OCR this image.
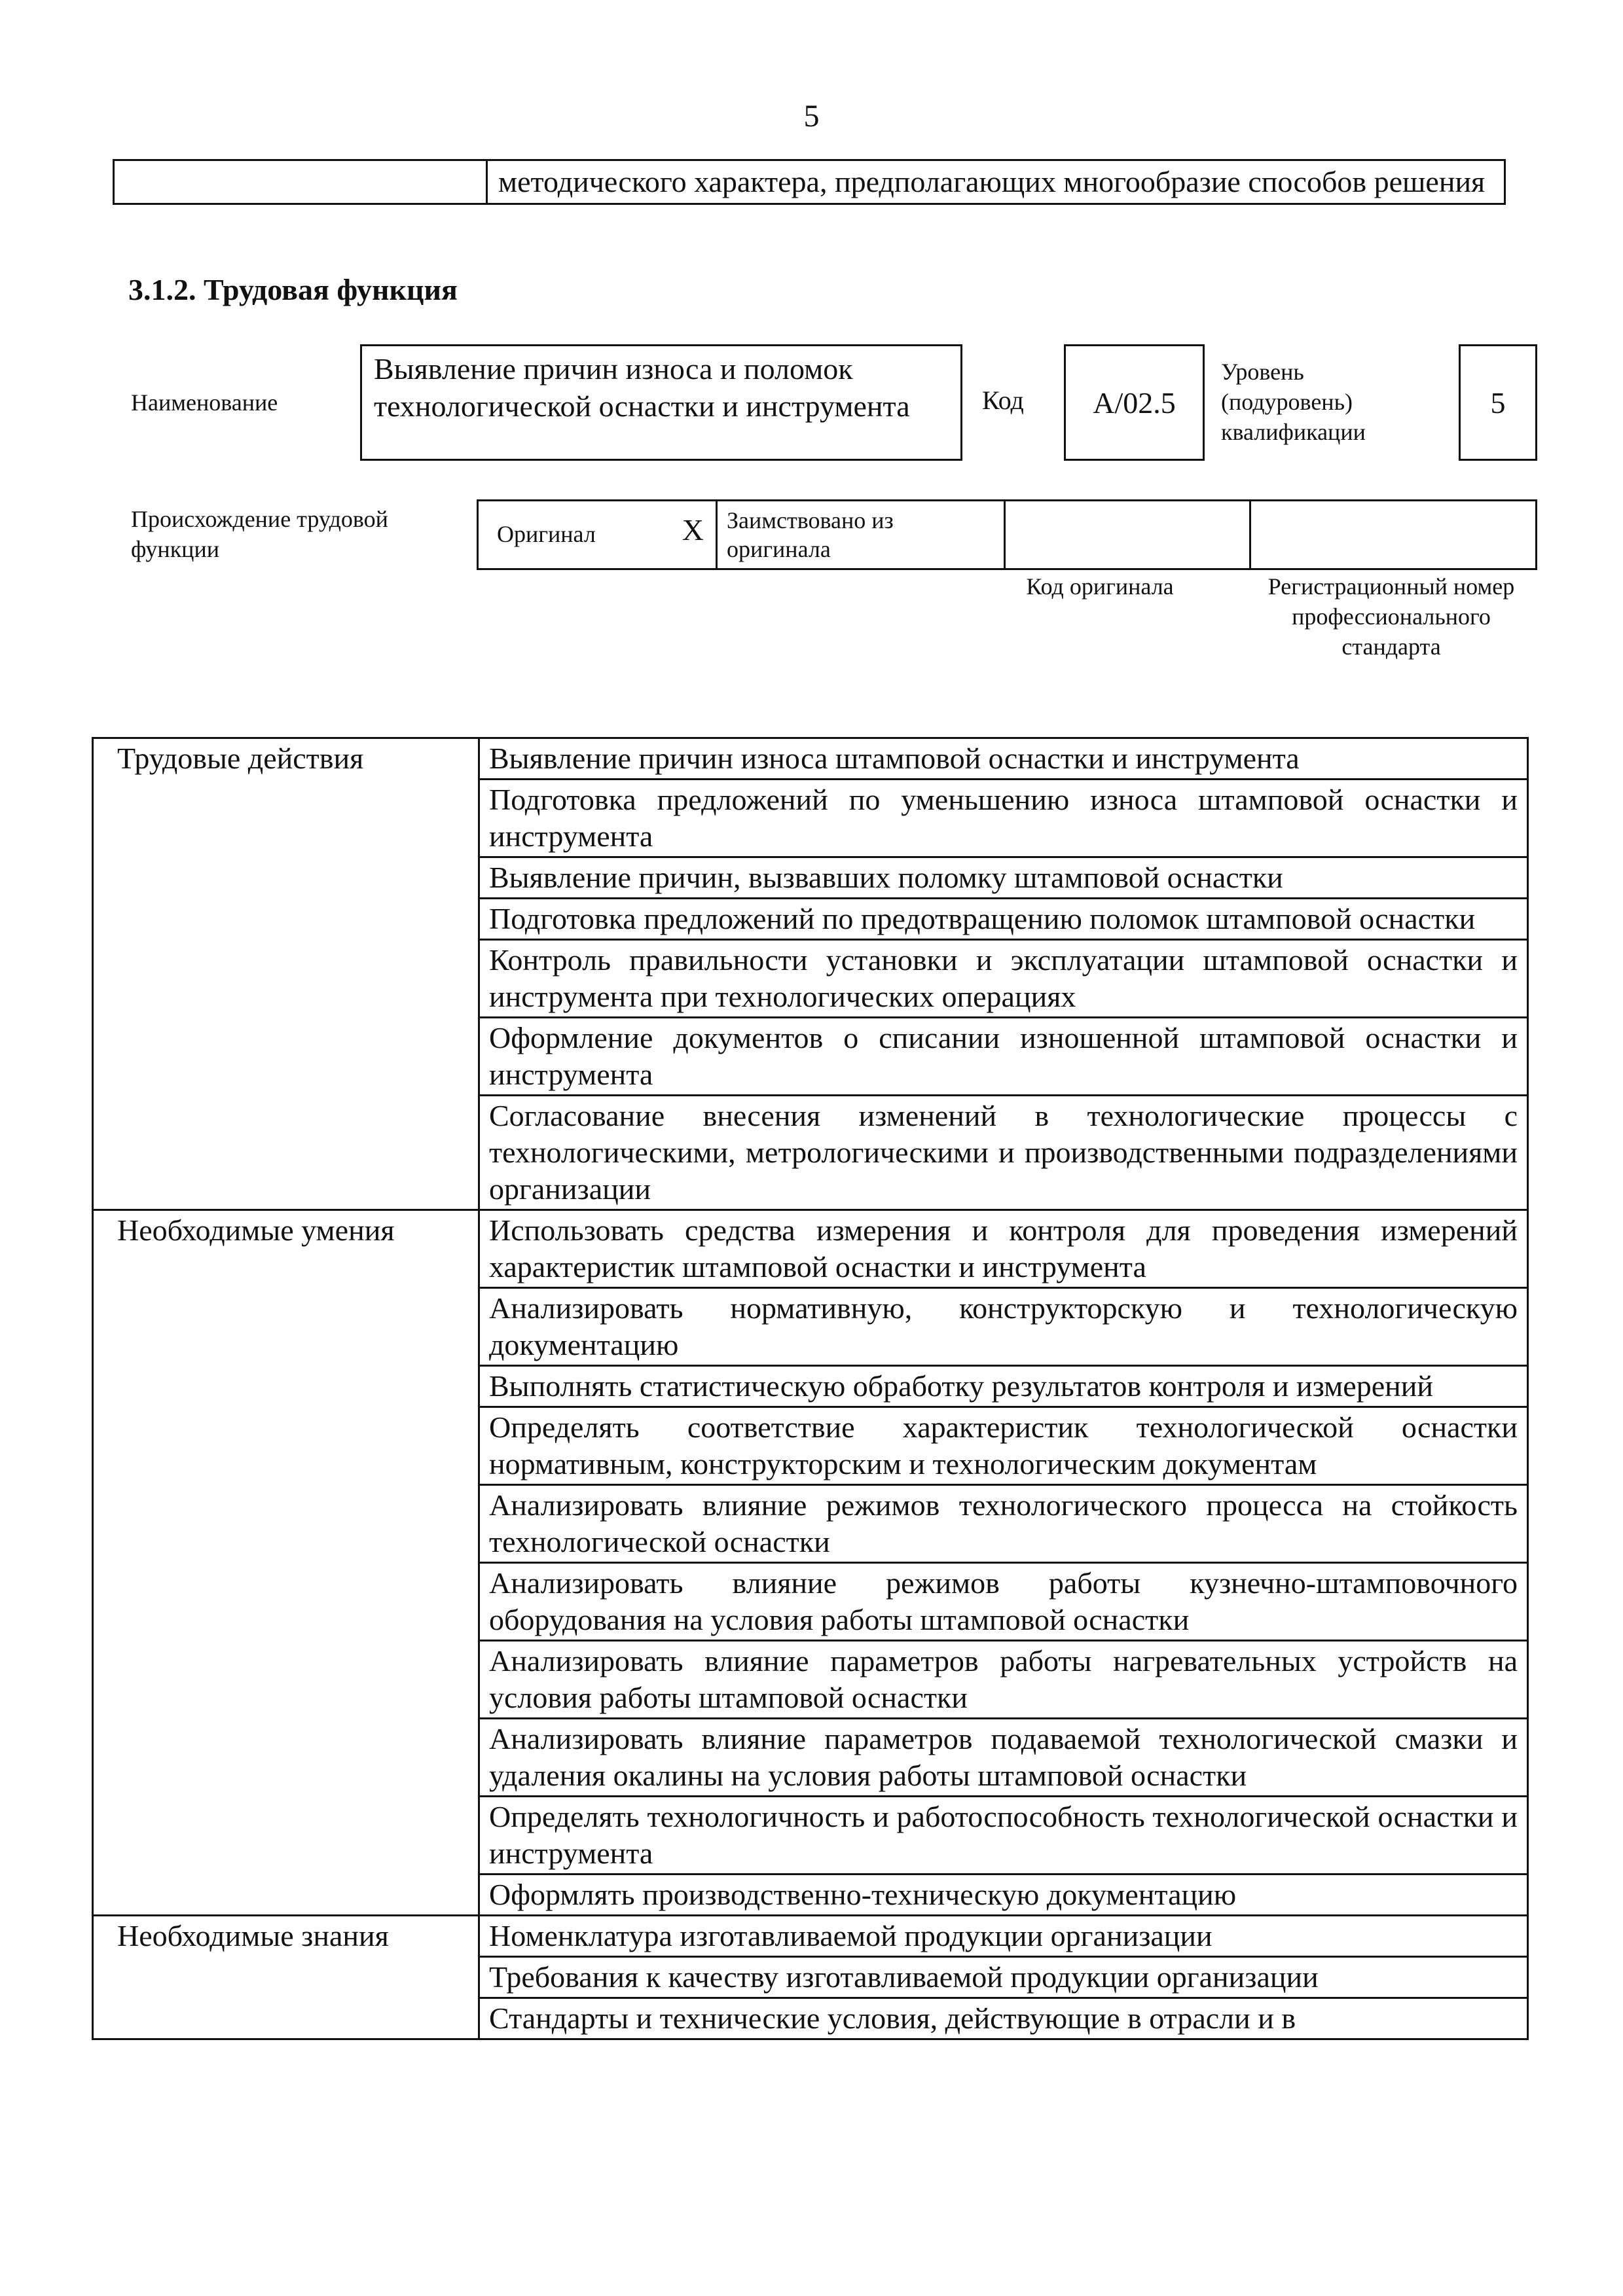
5
	методического характера, предполагающих многообразие способов решения
3.1.2. Трудовая функция
Наименование
Выявление причин износа и поломок технологической оснастки и инструмента	Код	А/02.5
Уровень (подуровень) квалификации
5
Происхождение трудовой функции
Оригинал	Х	Заимствовано из оригинала		
Код оригинала	Регистрационный номер профессионального стандарта
Трудовые действия	Выявление причин износа штамповой оснастки и инструмента
	Подготовка предложений по уменьшению износа штамповой оснастки и инструмента
	Выявление причин, вызвавших поломку штамповой оснастки
	Подготовка предложений по предотвращению поломок штамповой оснастки
	Контроль правильности установки и эксплуатации штамповой оснастки и инструмента при технологических операциях
	Оформление документов о списании изношенной штамповой оснастки и инструмента
	Согласование внесения изменений в технологические процессы с технологическими, метрологическими и производственными подразделениями организации
Необходимые умения	Использовать средства измерения и контроля для проведения измерений характеристик штамповой оснастки и инструмента
	Анализировать нормативную, конструкторскую и технологическую документацию
	Выполнять статистическую обработку результатов контроля и измерений
	Определять соответствие характеристик технологической оснастки нормативным, конструкторским и технологическим документам
	Анализировать влияние режимов технологического процесса на стойкость технологической оснастки
	Анализировать влияние режимов работы кузнечно-штамповочного оборудования на условия работы штамповой оснастки
	Анализировать влияние параметров работы нагревательных устройств на условия работы штамповой оснастки
	Анализировать влияние параметров подаваемой технологической смазки и удаления окалины на условия работы штамповой оснастки
	Определять технологичность и работоспособность технологической оснастки и инструмента
	Оформлять производственно-техническую документацию
Необходимые знания	Номенклатура изготавливаемой продукции организации
	Требования к качеству изготавливаемой продукции организации
	Стандарты и технические условия, действующие в отрасли и в
